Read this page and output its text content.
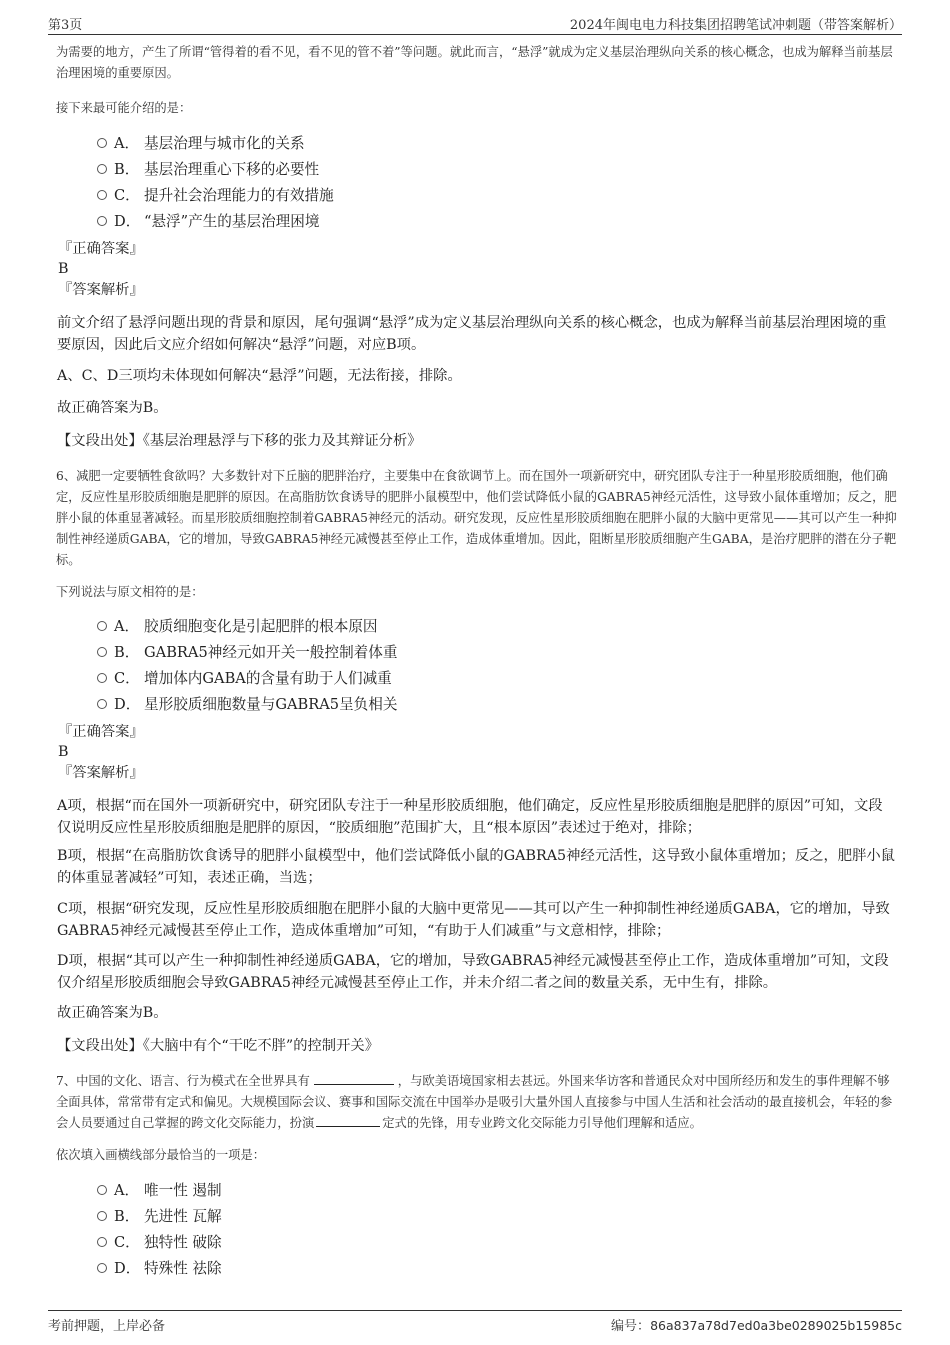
第3页	2024年闽电电力科技集团招聘笔试冲刺题（带答案解析）
为需要的地方，产生了所谓“管得着的看不见，看不见的管不着”等问题。就此而言，“悬浮”就成为定义基层治理纵向关系的核心概念，也成为解释当前基层治理困境的重要原因。
接下来最可能介绍的是：
A． 基层治理与城市化的关系
B． 基层治理重心下移的必要性
C． 提升社会治理能力的有效措施
D． “悬浮”产生的基层治理困境
『正确答案』
B
『答案解析』
前文介绍了悬浮问题出现的背景和原因，尾句强调“悬浮”成为定义基层治理纵向关系的核心概念，也成为解释当前基层治理困境的重要原因，因此后文应介绍如何解决“悬浮”问题，对应B项。
A、C、D三项均未体现如何解决“悬浮”问题，无法衔接，排除。
故正确答案为B。
【文段出处】《基层治理悬浮与下移的张力及其辩证分析》
6、减肥一定要牺牲食欲吗？大多数针对下丘脑的肥胖治疗，主要集中在食欲调节上。而在国外一项新研究中，研究团队专注于一种星形胶质细胞，他们确定，反应性星形胶质细胞是肥胖的原因。在高脂肪饮食诱导的肥胖小鼠模型中，他们尝试降低小鼠的GABRA5神经元活性，这导致小鼠体重增加；反之，肥胖小鼠的体重显著减轻。而星形胶质细胞控制着GABRA5神经元的活动。研究发现，反应性星形胶质细胞在肥胖小鼠的大脑中更常见——其可以产生一种抑制性神经递质GABA，它的增加，导致GABRA5神经元减慢甚至停止工作，造成体重增加。因此，阻断星形胶质细胞产生GABA，是治疗肥胖的潜在分子靶标。
下列说法与原文相符的是：
A． 胶质细胞变化是引起肥胖的根本原因
B． GABRA5神经元如开关一般控制着体重
C． 增加体内GABA的含量有助于人们减重
D． 星形胶质细胞数量与GABRA5呈负相关
『正确答案』
B
『答案解析』
A项，根据“而在国外一项新研究中，研究团队专注于一种星形胶质细胞，他们确定，反应性星形胶质细胞是肥胖的原因”可知，文段仅说明反应性星形胶质细胞是肥胖的原因，“胶质细胞”范围扩大，且“根本原因”表述过于绝对，排除；
B项，根据“在高脂肪饮食诱导的肥胖小鼠模型中，他们尝试降低小鼠的GABRA5神经元活性，这导致小鼠体重增加；反之，肥胖小鼠的体重显著减轻”可知，表述正确，当选；
C项，根据“研究发现，反应性星形胶质细胞在肥胖小鼠的大脑中更常见——其可以产生一种抑制性神经递质GABA，它的增加，导致GABRA5神经元减慢甚至停止工作，造成体重增加”可知，“有助于人们减重”与文意相悖，排除；
D项，根据“其可以产生一种抑制性神经递质GABA，它的增加，导致GABRA5神经元减慢甚至停止工作，造成体重增加”可知，文段仅介绍星形胶质细胞会导致GABRA5神经元减慢甚至停止工作，并未介绍二者之间的数量关系，无中生有，排除。
故正确答案为B。
【文段出处】《大脑中有个“干吃不胖”的控制开关》
7、中国的文化、语言、行为模式在全世界具有	，与欧美语境国家相去甚远。外国来华访客和普通民众对中国所经历和发生的事件理解不够全面具体，常常带有定式和偏见。大规模国际会议、赛事和国际交流在中国举办是吸引大量外国人直接参与中国人生活和社会活动的最直接机会，年轻的参会人员要通过自己掌握的跨文化交际能力，扮演	定式的先锋，用专业跨文化交际能力引导他们理解和适应。
依次填入画横线部分最恰当的一项是：
A． 唯一性 遏制
B． 先进性 瓦解
C． 独特性 破除
D． 特殊性 祛除
考前押题，上岸必备	编号：86a837a78d7ed0a3be0289025b15985c
